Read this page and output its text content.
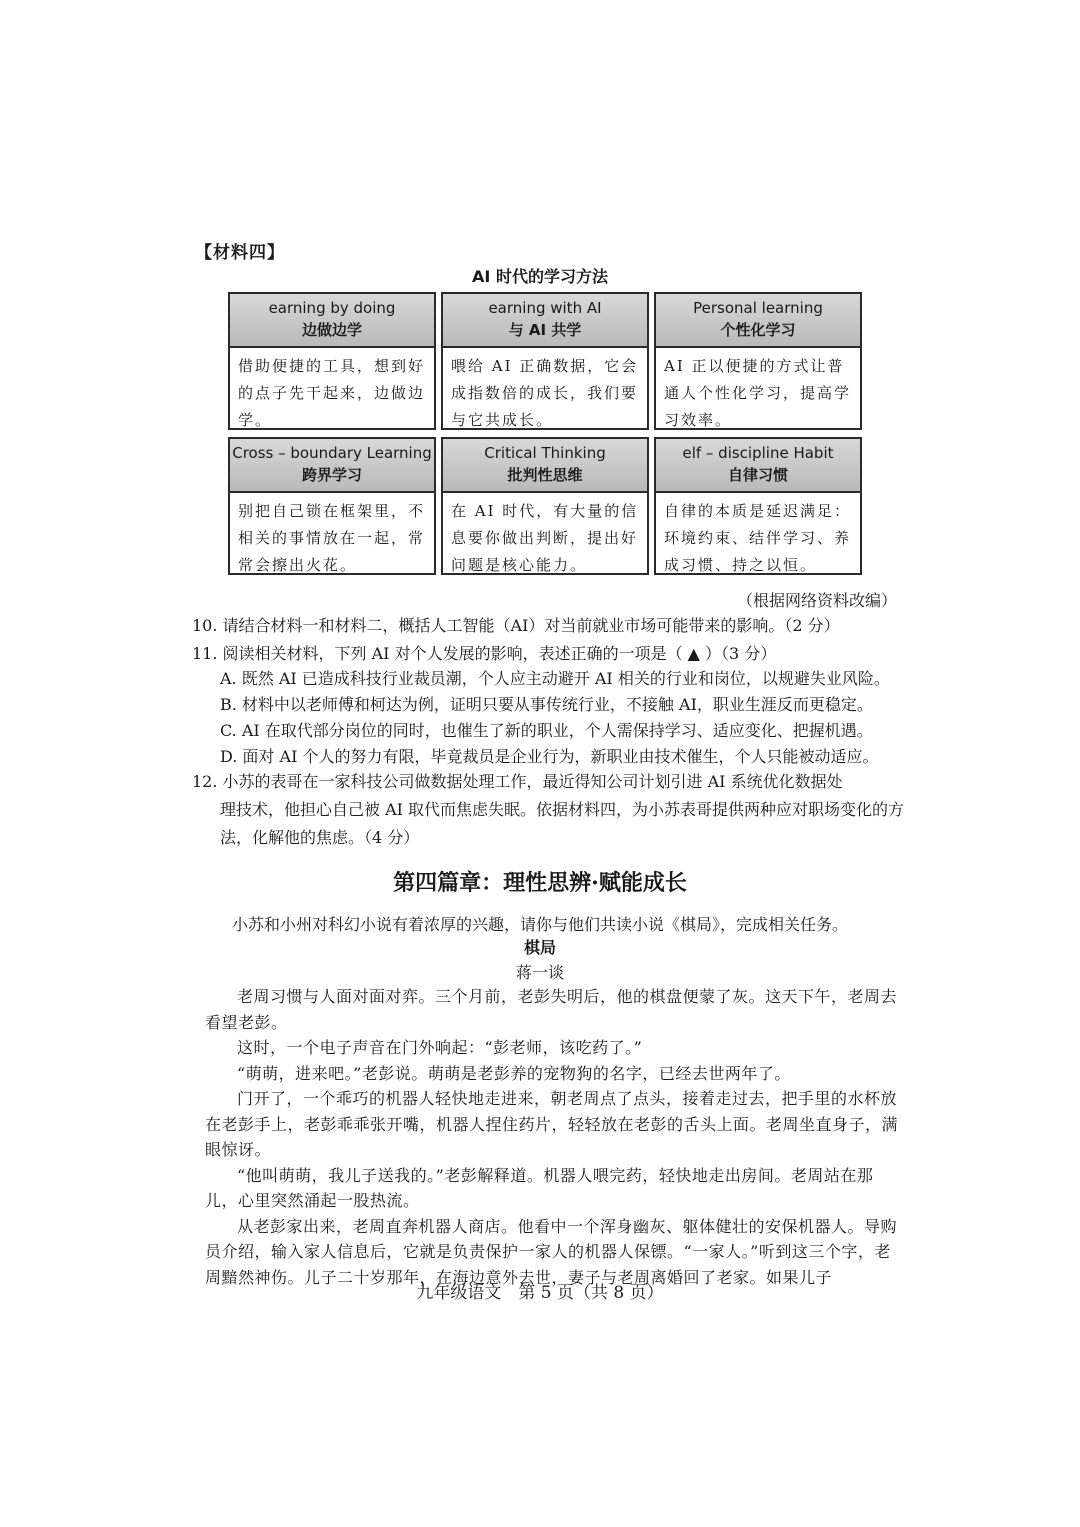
【材料四】
AI 时代的学习方法
earning by doing
边做边学
借助便捷的工具，想到好的点子先干起来，边做边学。
earning with AI
与 AI 共学
喂给 AI 正确数据，它会成指数倍的成长，我们要与它共成长。
Personal learning
个性化学习
AI 正以便捷的方式让普通人个性化学习，提高学习效率。
Cross – boundary Learning
跨界学习
别把自己锁在框架里，不相关的事情放在一起，常常会擦出火花。
Critical Thinking
批判性思维
在 AI 时代，有大量的信息要你做出判断，提出好问题是核心能力。
elf – discipline Habit
自律习惯
自律的本质是延迟满足：环境约束、结伴学习、养成习惯、持之以恒。
（根据网络资料改编）
10. 请结合材料一和材料二，概括人工智能（AI）对当前就业市场可能带来的影响。（2 分）
11. 阅读相关材料，下列 AI 对个人发展的影响，表述正确的一项是（ ▲ ）（3 分）
A. 既然 AI 已造成科技行业裁员潮，个人应主动避开 AI 相关的行业和岗位，以规避失业风险。
B. 材料中以老师傅和柯达为例，证明只要从事传统行业，不接触 AI，职业生涯反而更稳定。
C. AI 在取代部分岗位的同时，也催生了新的职业，个人需保持学习、适应变化、把握机遇。
D. 面对 AI 个人的努力有限，毕竟裁员是企业行为，新职业由技术催生，个人只能被动适应。
12. 小苏的表哥在一家科技公司做数据处理工作，最近得知公司计划引进 AI 系统优化数据处
理技术，他担心自己被 AI 取代而焦虑失眠。依据材料四，为小苏表哥提供两种应对职场变化的方法，化解他的焦虑。（4 分）
第四篇章：理性思辨·赋能成长
小苏和小州对科幻小说有着浓厚的兴趣，请你与他们共读小说《棋局》，完成相关任务。
棋局
蒋一谈

老周习惯与人面对面对弈。三个月前，老彭失明后，他的棋盘便蒙了灰。这天下午，老周去看望老彭。

这时，一个电子声音在门外响起：“彭老师，该吃药了。”

“萌萌，进来吧。”老彭说。萌萌是老彭养的宠物狗的名字，已经去世两年了。

门开了，一个乖巧的机器人轻快地走进来，朝老周点了点头，接着走过去，把手里的水杯放在老彭手上，老彭乖乖张开嘴，机器人捏住药片，轻轻放在老彭的舌头上面。老周坐直身子，满眼惊讶。

“他叫萌萌，我儿子送我的。”老彭解释道。机器人喂完药，轻快地走出房间。老周站在那儿，心里突然涌起一股热流。

从老彭家出来，老周直奔机器人商店。他看中一个浑身幽灰、躯体健壮的安保机器人。导购员介绍，输入家人信息后，它就是负责保护一家人的机器人保镖。“一家人。”听到这三个字，老周黯然神伤。儿子二十岁那年，在海边意外去世，妻子与老周离婚回了老家。如果儿子

九年级语文　第 5 页（共 8 页）
